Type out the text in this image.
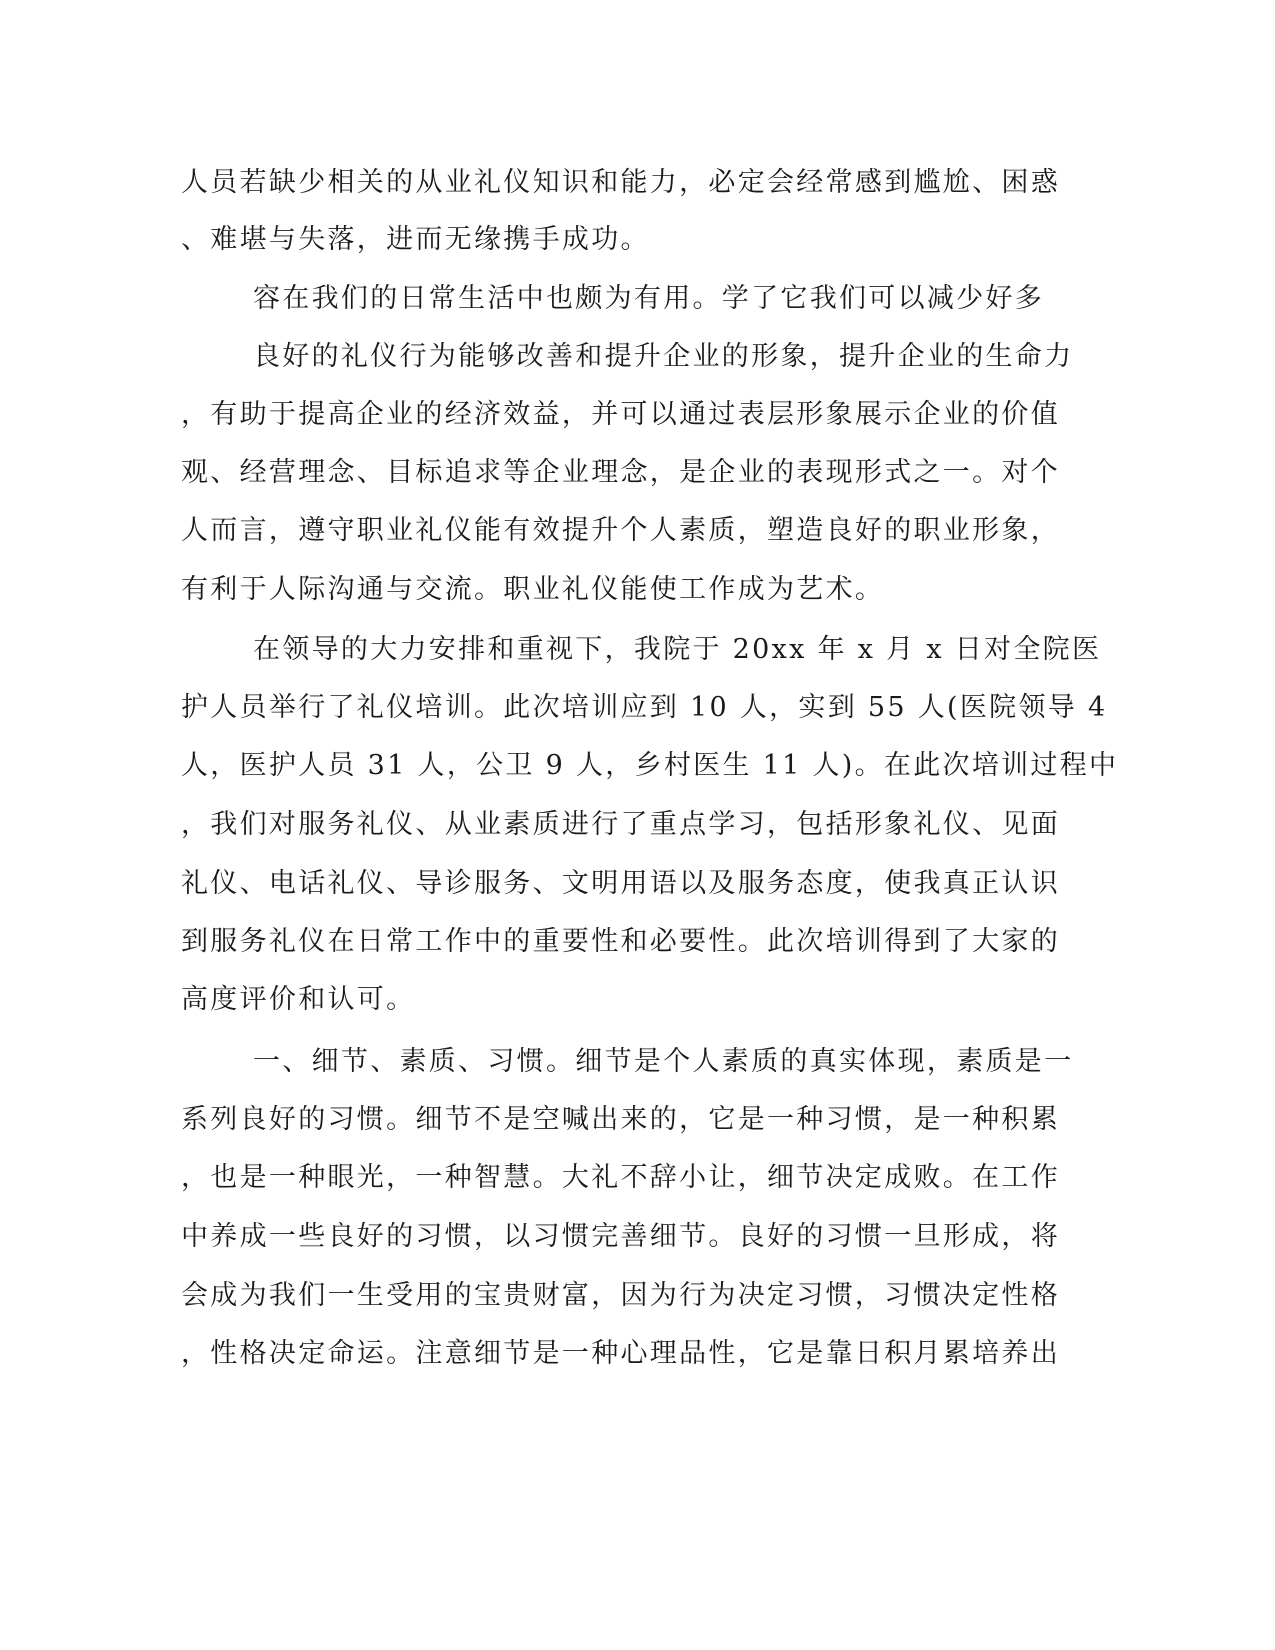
人员若缺少相关的从业礼仪知识和能力，必定会经常感到尴尬、困惑

、难堪与失落，进而无缘携手成功。

容在我们的日常生活中也颇为有用。学了它我们可以减少好多

良好的礼仪行为能够改善和提升企业的形象，提升企业的生命力

，有助于提高企业的经济效益，并可以通过表层形象展示企业的价值

观、经营理念、目标追求等企业理念，是企业的表现形式之一。对个

人而言，遵守职业礼仪能有效提升个人素质，塑造良好的职业形象，

有利于人际沟通与交流。职业礼仪能使工作成为艺术。

在领导的大力安排和重视下，我院于 20xx 年 x 月 x 日对全院医

护人员举行了礼仪培训。此次培训应到 10 人，实到 55 人(医院领导 4

人，医护人员 31 人，公卫 9 人，乡村医生 11 人)。在此次培训过程中

，我们对服务礼仪、从业素质进行了重点学习，包括形象礼仪、见面

礼仪、电话礼仪、导诊服务、文明用语以及服务态度，使我真正认识

到服务礼仪在日常工作中的重要性和必要性。此次培训得到了大家的

高度评价和认可。

一、细节、素质、习惯。细节是个人素质的真实体现，素质是一

系列良好的习惯。细节不是空喊出来的，它是一种习惯，是一种积累

，也是一种眼光，一种智慧。大礼不辞小让，细节决定成败。在工作

中养成一些良好的习惯，以习惯完善细节。良好的习惯一旦形成，将

会成为我们一生受用的宝贵财富，因为行为决定习惯，习惯决定性格

，性格决定命运。注意细节是一种心理品性，它是靠日积月累培养出
